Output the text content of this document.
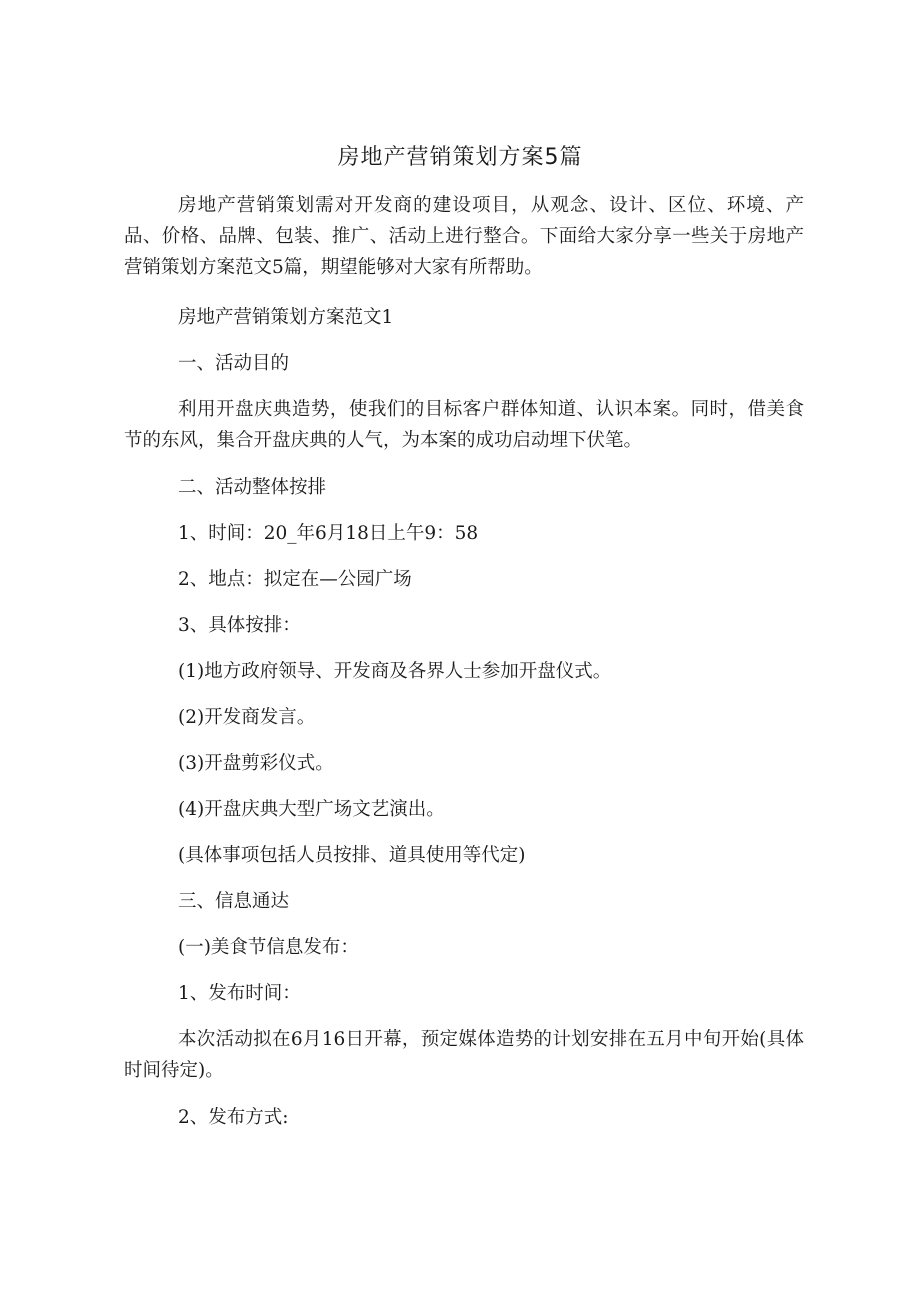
房地产营销策划方案5篇
房地产营销策划需对开发商的建设项目，从观念、设计、区位、环境、产品、价格、品牌、包装、推广、活动上进行整合。下面给大家分享一些关于房地产营销策划方案范文5篇，期望能够对大家有所帮助。
房地产营销策划方案范文1
一、活动目的
利用开盘庆典造势，使我们的目标客户群体知道、认识本案。同时，借美食节的东风，集合开盘庆典的人气，为本案的成功启动埋下伏笔。
二、活动整体按排
1、时间：20_年6月18日上午9：58
2、地点：拟定在—公园广场
3、具体按排：
(1)地方政府领导、开发商及各界人士参加开盘仪式。
(2)开发商发言。
(3)开盘剪彩仪式。
(4)开盘庆典大型广场文艺演出。
(具体事项包括人员按排、道具使用等代定)
三、信息通达
(一)美食节信息发布：
1、发布时间：
本次活动拟在6月16日开幕，预定媒体造势的计划安排在五月中旬开始(具体时间待定)。
2、发布方式:
